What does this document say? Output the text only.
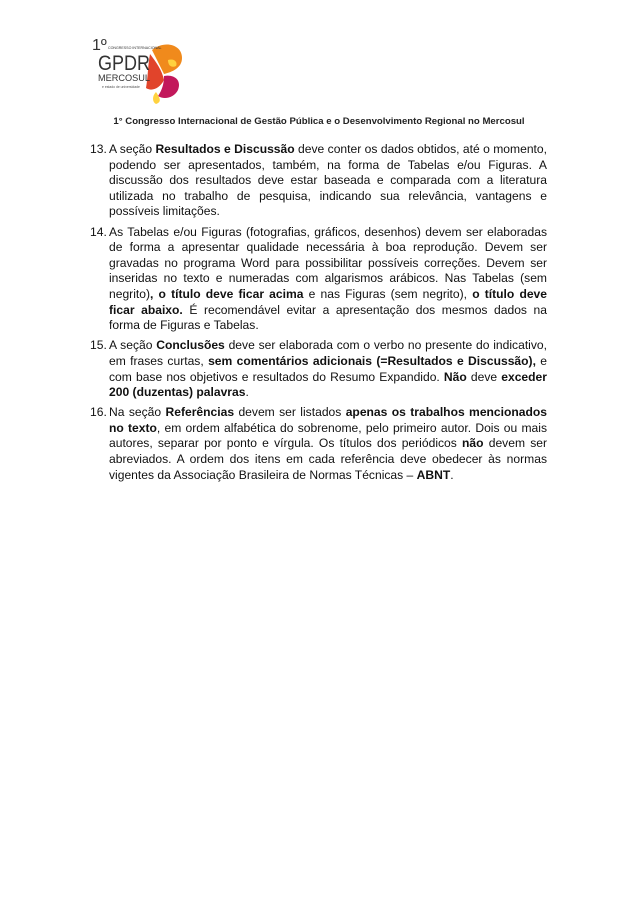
1º CONGRESSO INTERNACIONAL
GPDR
MERCOSUL
e estado de universidade
1° Congresso Internacional de Gestão Pública e o Desenvolvimento Regional no Mercosul
13. A seção Resultados e Discussão deve conter os dados obtidos, até o momento, podendo ser apresentados, também, na forma de Tabelas e/ou Figuras. A discussão dos resultados deve estar baseada e comparada com a literatura utilizada no trabalho de pesquisa, indicando sua relevância, vantagens e possíveis limitações.
14. As Tabelas e/ou Figuras (fotografias, gráficos, desenhos) devem ser elaboradas de forma a apresentar qualidade necessária à boa reprodução. Devem ser gravadas no programa Word para possibilitar possíveis correções. Devem ser inseridas no texto e numeradas com algarismos arábicos. Nas Tabelas (sem negrito), o título deve ficar acima e nas Figuras (sem negrito), o título deve ficar abaixo. É recomendável evitar a apresentação dos mesmos dados na forma de Figuras e Tabelas.
15. A seção Conclusões deve ser elaborada com o verbo no presente do indicativo, em frases curtas, sem comentários adicionais (=Resultados e Discussão), e com base nos objetivos e resultados do Resumo Expandido. Não deve exceder 200 (duzentas) palavras.
16. Na seção Referências devem ser listados apenas os trabalhos mencionados no texto, em ordem alfabética do sobrenome, pelo primeiro autor. Dois ou mais autores, separar por ponto e vírgula. Os títulos dos periódicos não devem ser abreviados. A ordem dos itens em cada referência deve obedecer às normas vigentes da Associação Brasileira de Normas Técnicas – ABNT.
